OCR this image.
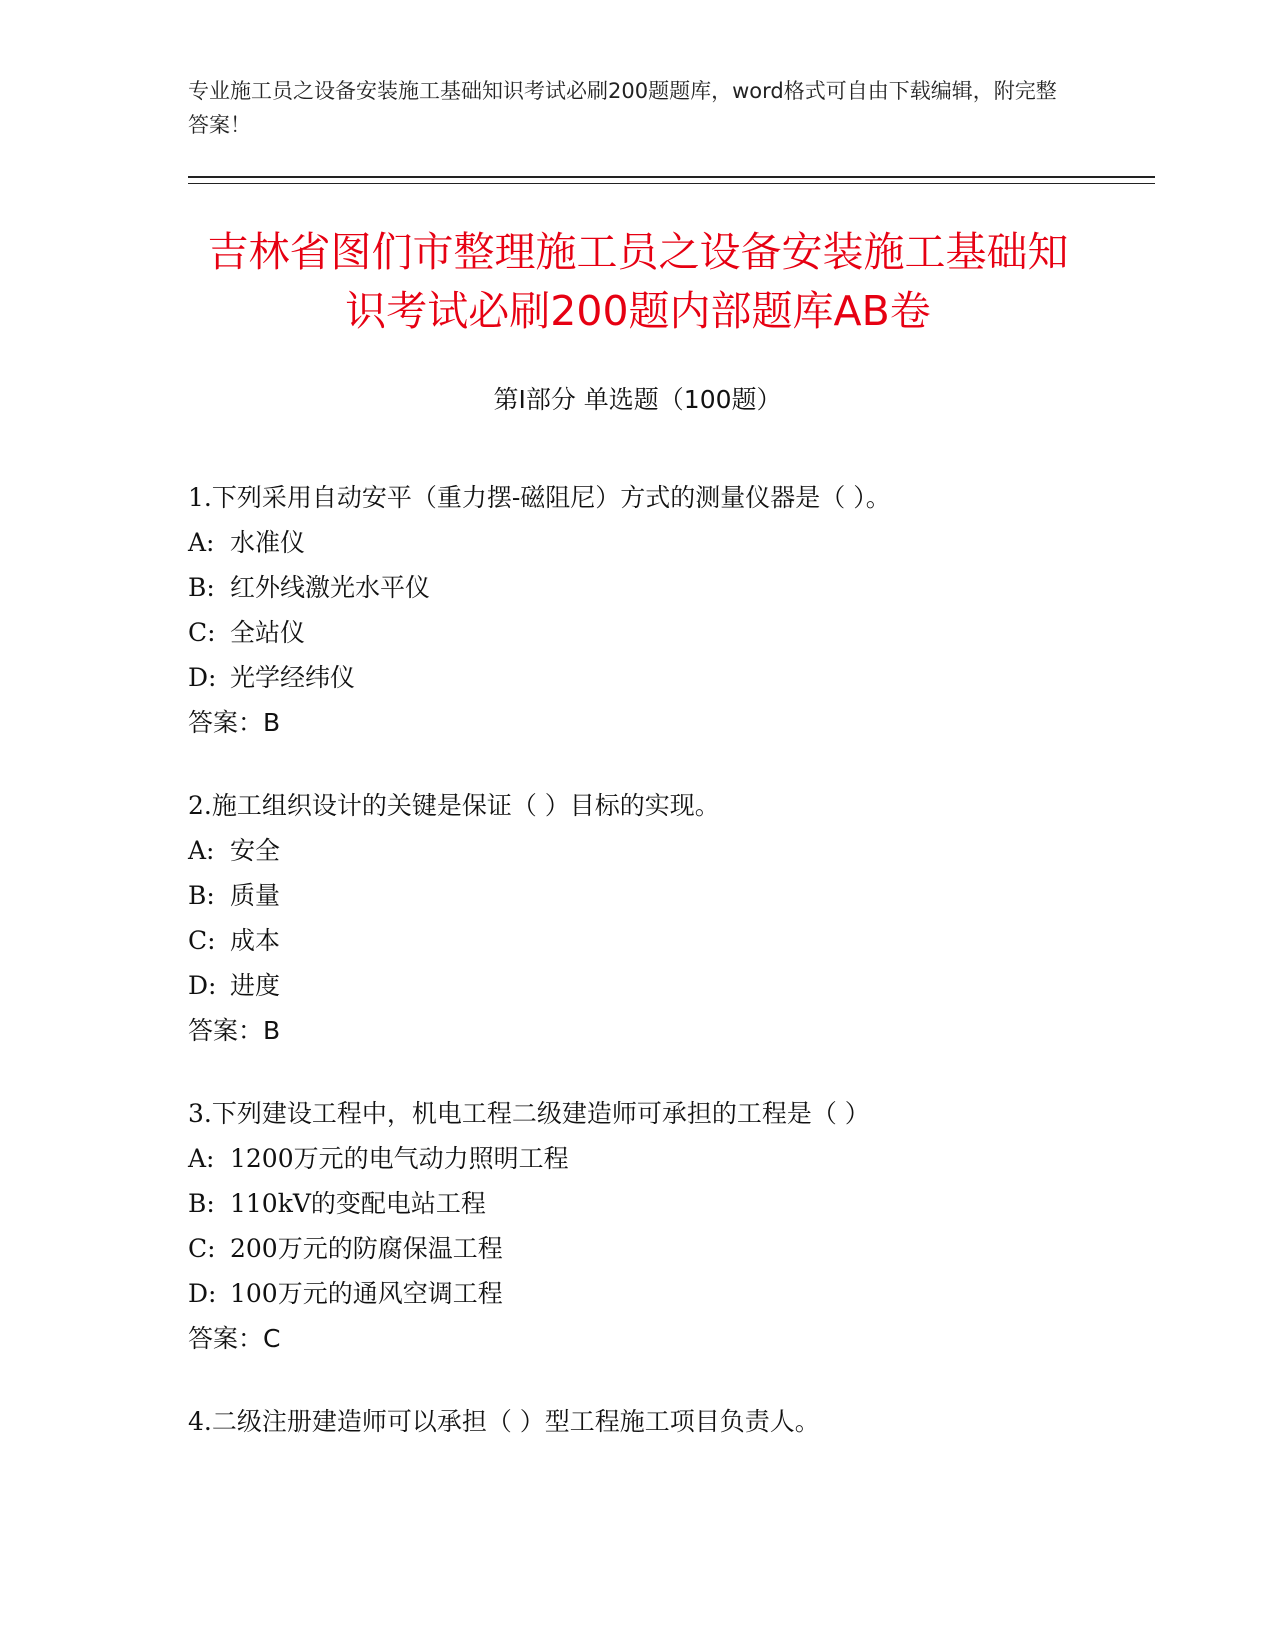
专业施工员之设备安装施工基础知识考试必刷200题题库，word格式可自由下载编辑，附完整答案！
吉林省图们市整理施工员之设备安装施工基础知识考试必刷200题内部题库AB卷
第Ⅰ部分 单选题（100题）
1.下列采用自动安平（重力摆-磁阻尼）方式的测量仪器是（ ）。
A: 水准仪
B: 红外线激光水平仪
C: 全站仪
D: 光学经纬仪
答案：B
2.施工组织设计的关键是保证（ ）目标的实现。
A: 安全
B: 质量
C: 成本
D: 进度
答案：B
3.下列建设工程中，机电工程二级建造师可承担的工程是（ ）
A: 1200万元的电气动力照明工程
B: 110kV的变配电站工程
C: 200万元的防腐保温工程
D: 100万元的通风空调工程
答案：C
4.二级注册建造师可以承担（ ）型工程施工项目负责人。
